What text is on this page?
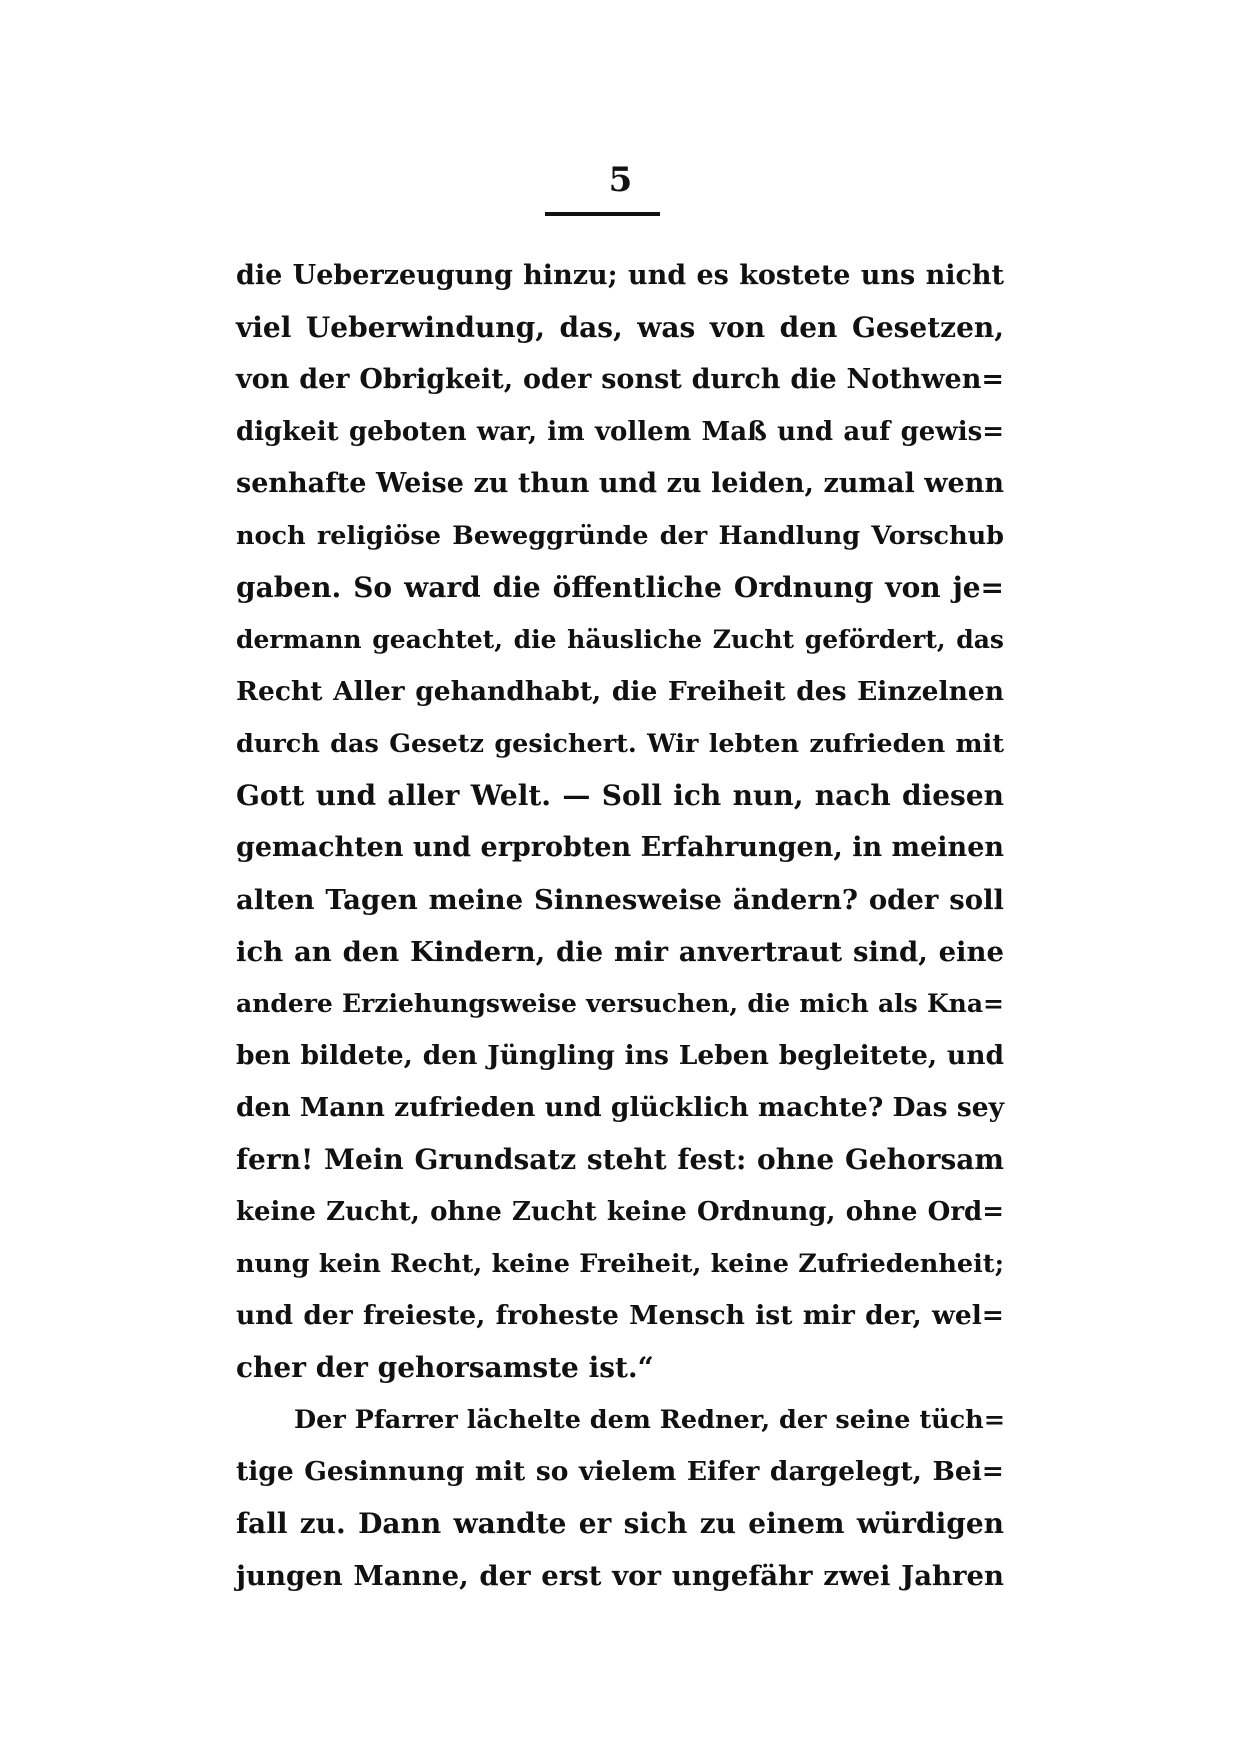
5
die Ueberzeugung hinzu; und es kostete uns nicht
viel Ueberwindung, das, was von den Gesetzen,
von der Obrigkeit, oder sonst durch die Nothwen=
digkeit geboten war, im vollem Maß und auf gewis=
senhafte Weise zu thun und zu leiden, zumal wenn
noch religiöse Beweggründe der Handlung Vorschub
gaben. So ward die öffentliche Ordnung von je=
dermann geachtet, die häusliche Zucht gefördert, das
Recht Aller gehandhabt, die Freiheit des Einzelnen
durch das Gesetz gesichert. Wir lebten zufrieden mit
Gott und aller Welt. — Soll ich nun, nach diesen
gemachten und erprobten Erfahrungen, in meinen
alten Tagen meine Sinnesweise ändern? oder soll
ich an den Kindern, die mir anvertraut sind, eine
andere Erziehungsweise versuchen, die mich als Kna=
ben bildete, den Jüngling ins Leben begleitete, und
den Mann zufrieden und glücklich machte? Das sey
fern! Mein Grundsatz steht fest: ohne Gehorsam
keine Zucht, ohne Zucht keine Ordnung, ohne Ord=
nung kein Recht, keine Freiheit, keine Zufriedenheit;
und der freieste, froheste Mensch ist mir der, wel=
cher der gehorsamste ist.“
Der Pfarrer lächelte dem Redner, der seine tüch=
tige Gesinnung mit so vielem Eifer dargelegt, Bei=
fall zu. Dann wandte er sich zu einem würdigen
jungen Manne, der erst vor ungefähr zwei Jahren
